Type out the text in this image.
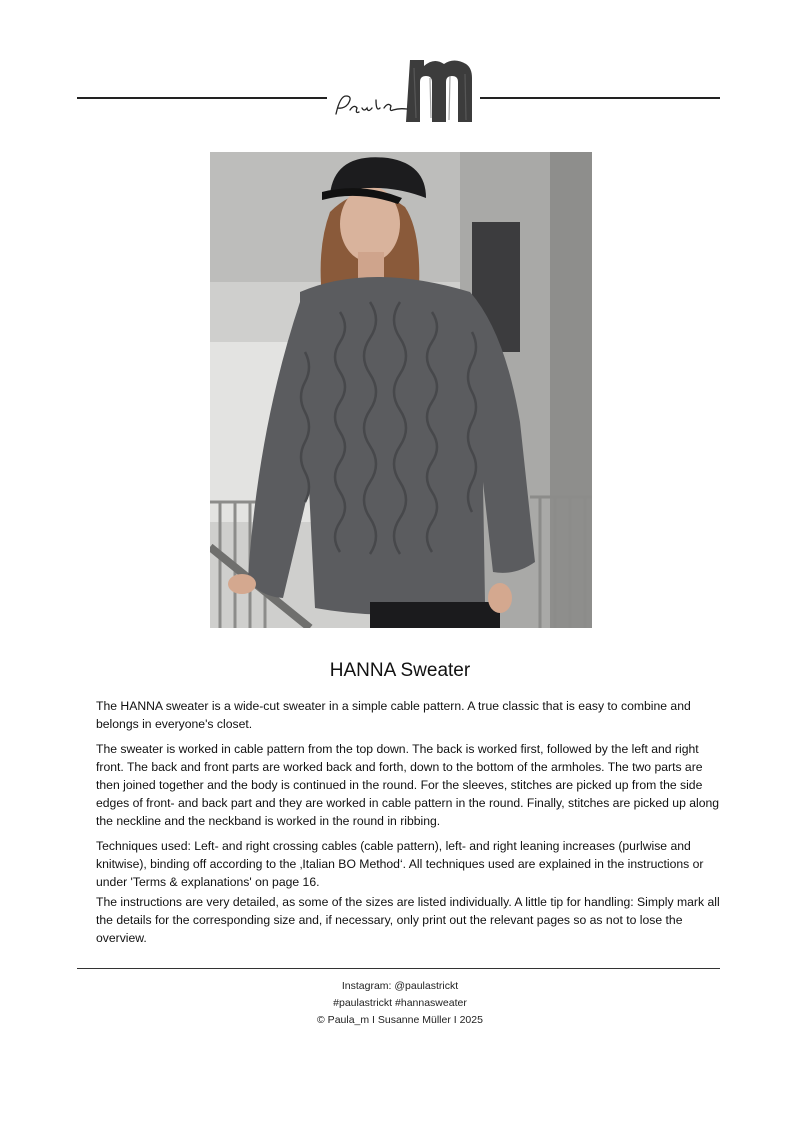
HANNA Sweater

The HANNA sweater is a wide-cut sweater in a simple cable pattern. A true classic that is easy to combine and belongs in everyone's closet.

The sweater is worked in cable pattern from the top down. The back is worked first, followed by the left and right front. The back and front parts are worked back and forth, down to the bottom of the armholes. The two parts are then joined together and the body is continued in the round. For the sleeves, stitches are picked up from the side edges of front- and back part and they are worked in cable pattern in the round. Finally, stitches are picked up along the neckline and the neckband is worked in the round in ribbing.

Techniques used: Left- and right crossing cables (cable pattern), left- and right leaning increases (purlwise and knitwise), binding off according to the ‚Italian BO Method‘. All techniques used are explained in the instructions or under 'Terms & explanations' on page 16.

The instructions are very detailed, as some of the sizes are listed individually. A little tip for handling: Simply mark all the details for the corresponding size and, if necessary, only print out the relevant pages so as not to lose the overview.

Instagram: @paulastrickt
#paulastrickt #hannasweater
© Paula_m I Susanne Müller I 2025
